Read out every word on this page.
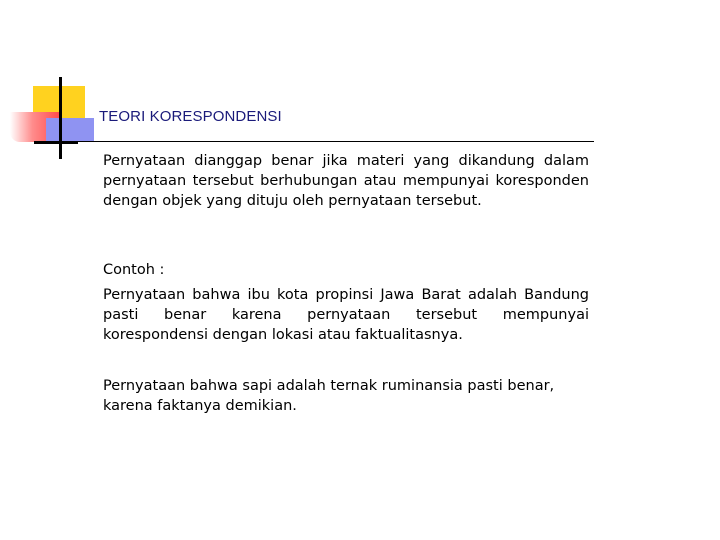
TEORI KORESPONDENSI

Pernyataan dianggap benar jika materi yang dikandung dalam pernyataan tersebut berhubungan atau mempunyai koresponden dengan objek yang dituju oleh pernyataan tersebut.

Contoh :

Pernyataan bahwa ibu kota propinsi Jawa Barat adalah Bandung pasti benar karena pernyataan tersebut mempunyai korespondensi dengan lokasi atau faktualitasnya.

Pernyataan bahwa sapi adalah ternak ruminansia pasti benar, karena faktanya demikian.
